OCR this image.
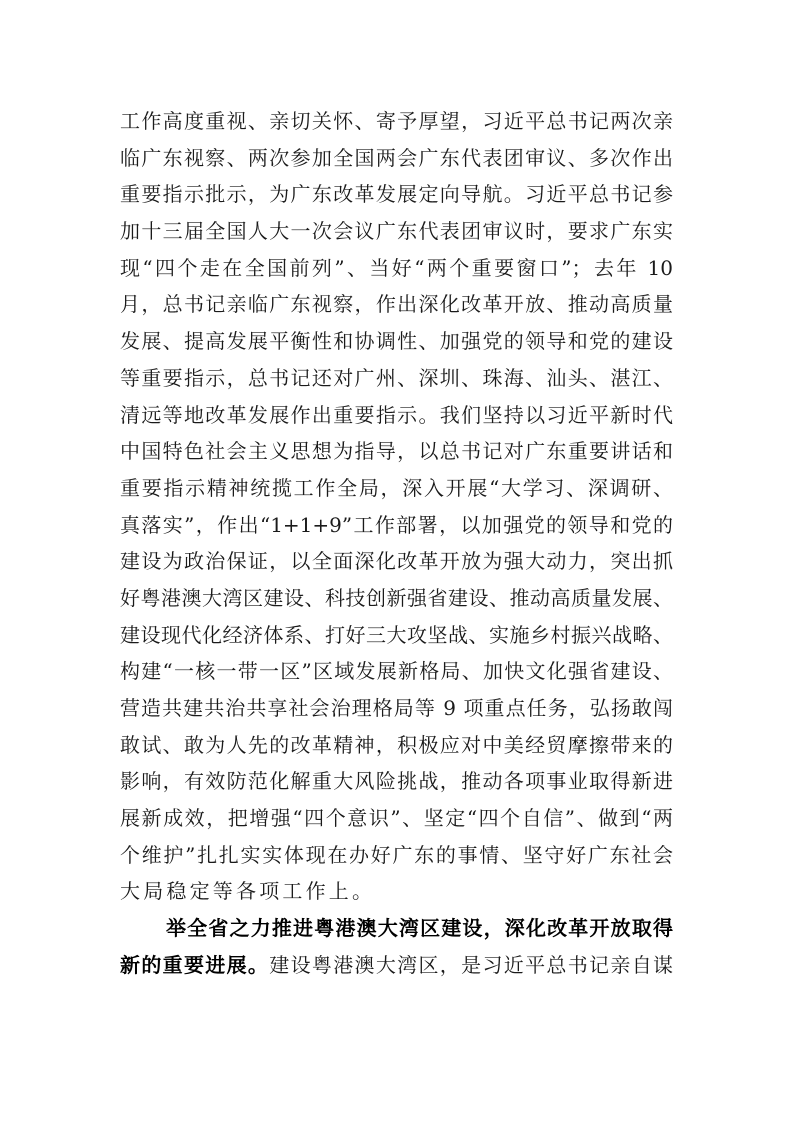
工作高度重视、亲切关怀、寄予厚望，习近平总书记两次亲
临广东视察、两次参加全国两会广东代表团审议、多次作出
重要指示批示，为广东改革发展定向导航。习近平总书记参
加十三届全国人大一次会议广东代表团审议时，要求广东实
现“四个走在全国前列”、当好“两个重要窗口”；去年 10
月，总书记亲临广东视察，作出深化改革开放、推动高质量
发展、提高发展平衡性和协调性、加强党的领导和党的建设
等重要指示，总书记还对广州、深圳、珠海、汕头、湛江、
清远等地改革发展作出重要指示。我们坚持以习近平新时代
中国特色社会主义思想为指导，以总书记对广东重要讲话和
重要指示精神统揽工作全局，深入开展“大学习、深调研、
真落实”，作出“1+1+9”工作部署，以加强党的领导和党的
建设为政治保证，以全面深化改革开放为强大动力，突出抓
好粤港澳大湾区建设、科技创新强省建设、推动高质量发展、
建设现代化经济体系、打好三大攻坚战、实施乡村振兴战略、
构建“一核一带一区”区域发展新格局、加快文化强省建设、
营造共建共治共享社会治理格局等 9 项重点任务，弘扬敢闯
敢试、敢为人先的改革精神，积极应对中美经贸摩擦带来的
影响，有效防范化解重大风险挑战，推动各项事业取得新进
展新成效，把增强“四个意识”、坚定“四个自信”、做到“两
个维护”扎扎实实体现在办好广东的事情、坚守好广东社会
大局稳定等各项工作上。
举全省之力推进粤港澳大湾区建设，深化改革开放取得
新的重要进展。建设粤港澳大湾区，是习近平总书记亲自谋
